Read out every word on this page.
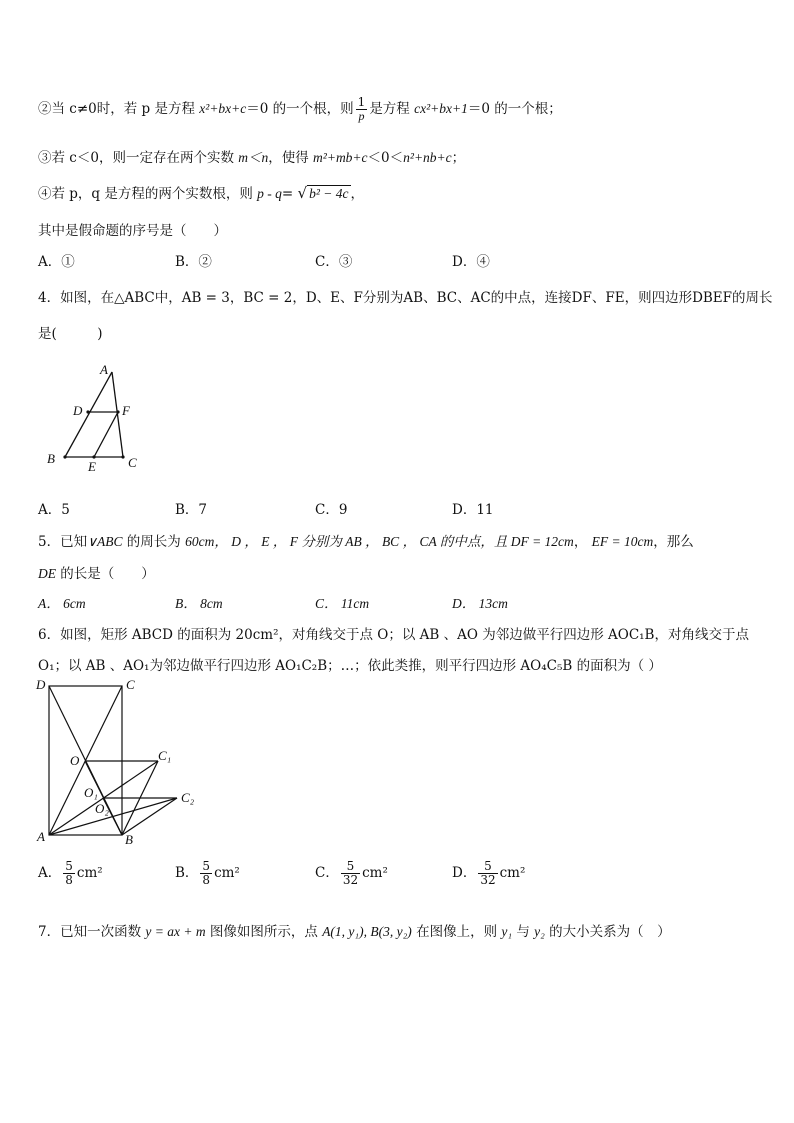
②当 c≠0时，若 p 是方程 x²+bx+c＝0 的一个根，则 $\frac{1}{p}$ 是方程 cx²+bx+1＝0 的一个根；
③若 c＜0，则一定存在两个实数 m＜n，使得 m²+mb+c＜0＜n²+nb+c；
④若 p，q 是方程的两个实数根，则 p - q= √ b² − 4c ，
其中是假命题的序号是（　　）
A．①	B．②	C．③	D．④
4．如图，在△ABC中，AB = 3，BC = 2，D、E、F分别为AB、BC、AC的中点，连接DF、FE，则四边形DBEF的周长
是(　　　)
A
D	F
B
E C
A．5	B．7	C．9	D．11
5．已知∨ABC 的周长为 60cm， D ， E ， F 分别为 AB ， BC ， CA 的中点，且 DF = 12cm， EF = 10cm，那么
DE 的长是（　　）
A． 6cm	B． 8cm	C． 11cm	D． 13cm
6．如图，矩形 ABCD 的面积为 20cm²，对角线交于点 O；以 AB 、AO 为邻边做平行四边形 AOC₁B，对角线交于点
O₁；以 AB 、AO₁为邻边做平行四边形 AO₁C₂B；…；依此类推，则平行四边形 AO₄C₅B 的面积为（ ）
D	C
O	C₁
O₁
O₂
C₂
A	B
A． $\frac{5}{8} cm^2$	B． $\frac{5}{8} cm^2$	C． $\frac{5}{32} cm^2$	D． $\frac{5}{32} cm^2$
7．已知一次函数 y = ax + m 图像如图所示，点 A(1, y₁), B(3, y₂) 在图像上，则 y₁ 与 y₂ 的大小关系为（　）
